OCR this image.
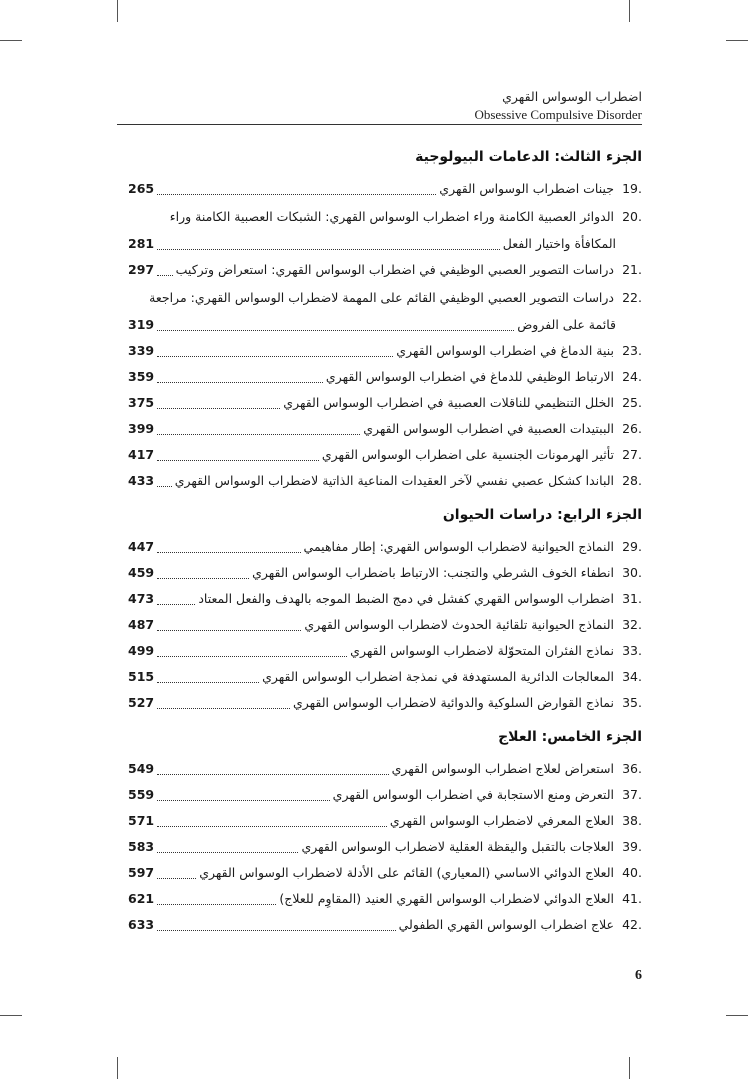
اضطراب الوسواس القهري
Obsessive Compulsive Disorder
الجزء الثالث: الدعامات البيولوجية
19.
جينات اضطراب الوسواس القهري
265
20.
الدوائر العصبية الكامنة وراء اضطراب الوسواس القهري: الشبكات العصبية الكامنة وراء
المكافأة واختيار الفعل
281
21.
دراسات التصوير العصبي الوظيفي في اضطراب الوسواس القهري: استعراض وتركيب
297
22.
دراسات التصوير العصبي الوظيفي القائم على المهمة لاضطراب الوسواس القهري: مراجعة
قائمة على الفروض
319
23.
بنية الدماغ في اضطراب الوسواس القهري
339
24.
الارتباط الوظيفي للدماغ في اضطراب الوسواس القهري
359
25.
الخلل التنظيمي للناقلات العصبية في اضطراب الوسواس القهري
375
26.
الببتيدات العصبية في اضطراب الوسواس القهري
399
27.
تأثير الهرمونات الجنسية على اضطراب الوسواس القهري
417
28.
الباندا كشكل عصبي نفسي لآخر العقيدات المناعية الذاتية لاضطراب الوسواس القهري
433
الجزء الرابع: دراسات الحيوان
29.
النماذج الحيوانية لاضطراب الوسواس القهري: إطار مفاهيمي
447
30.
انطفاء الخوف الشرطي والتجنب: الارتباط باضطراب الوسواس القهري
459
31.
اضطراب الوسواس القهري كفشل في دمج الضبط الموجه بالهدف والفعل المعتاد
473
32.
النماذج الحيوانية تلقائية الحدوث لاضطراب الوسواس القهري
487
33.
نماذج الفئران المتحوّلة لاضطراب الوسواس القهري
499
34.
المعالجات الدائرية المستهدفة في نمذجة اضطراب الوسواس القهري
515
35.
نماذج القوارض السلوكية والدوائية لاضطراب الوسواس القهري
527
الجزء الخامس: العلاج
36.
استعراض لعلاج اضطراب الوسواس القهري
549
37.
التعرض ومنع الاستجابة في اضطراب الوسواس القهري
559
38.
العلاج المعرفي لاضطراب الوسواس القهري
571
39.
العلاجات بالتقبل واليقظة العقلية لاضطراب الوسواس القهري
583
40.
العلاج الدوائي الاساسي (المعياري) القائم على الأدلة لاضطراب الوسواس القهري
597
41.
العلاج الدوائي لاضطراب الوسواس القهري العنيد (المقاوِم للعلاج)
621
42.
علاج اضطراب الوسواس القهري الطفولي
633
6
